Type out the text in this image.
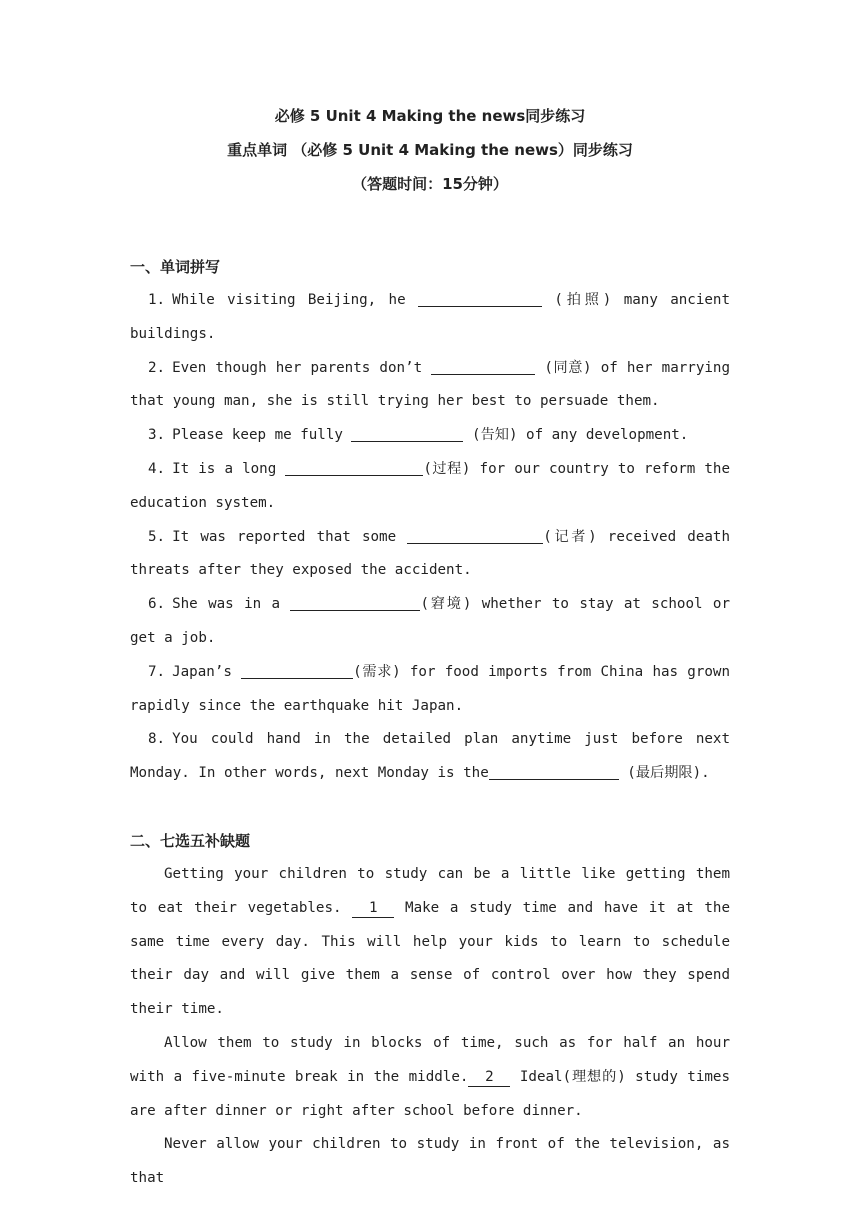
必修 5 Unit 4 Making the news同步练习
重点单词 （必修 5 Unit 4 Making the news）同步练习
（答题时间：15分钟）
一、单词拼写

1. While visiting Beijing, he	(拍照) many ancient buildings.

2. Even though her parents don’t	(同意) of her marrying that young man, she is still trying her best to persuade them.

3. Please keep me fully	(告知) of any development.

4. It is a long	(过程) for our country to reform the education system.

5. It was reported that some	(记者) received death threats after they exposed the accident.

6. She was in a	(窘境) whether to stay at school or get a job.

7. Japan’s	(需求) for food imports from China has grown rapidly since the earthquake hit Japan.

8. You could hand in the detailed plan anytime just before next Monday. In other words, next Monday is the	(最后期限).

二、七选五补缺题

Getting your children to study can be a little like getting them to eat their vegetables. 1 Make a study time and have it at the same time every day. This will help your kids to learn to schedule their day and will give them a sense of control over how they spend their time.

Allow them to study in blocks of time, such as for half an hour with a five-minute break in the middle. 2 Ideal(理想的) study times are after dinner or right after school before dinner.

Never allow your children to study in front of the television, as that
